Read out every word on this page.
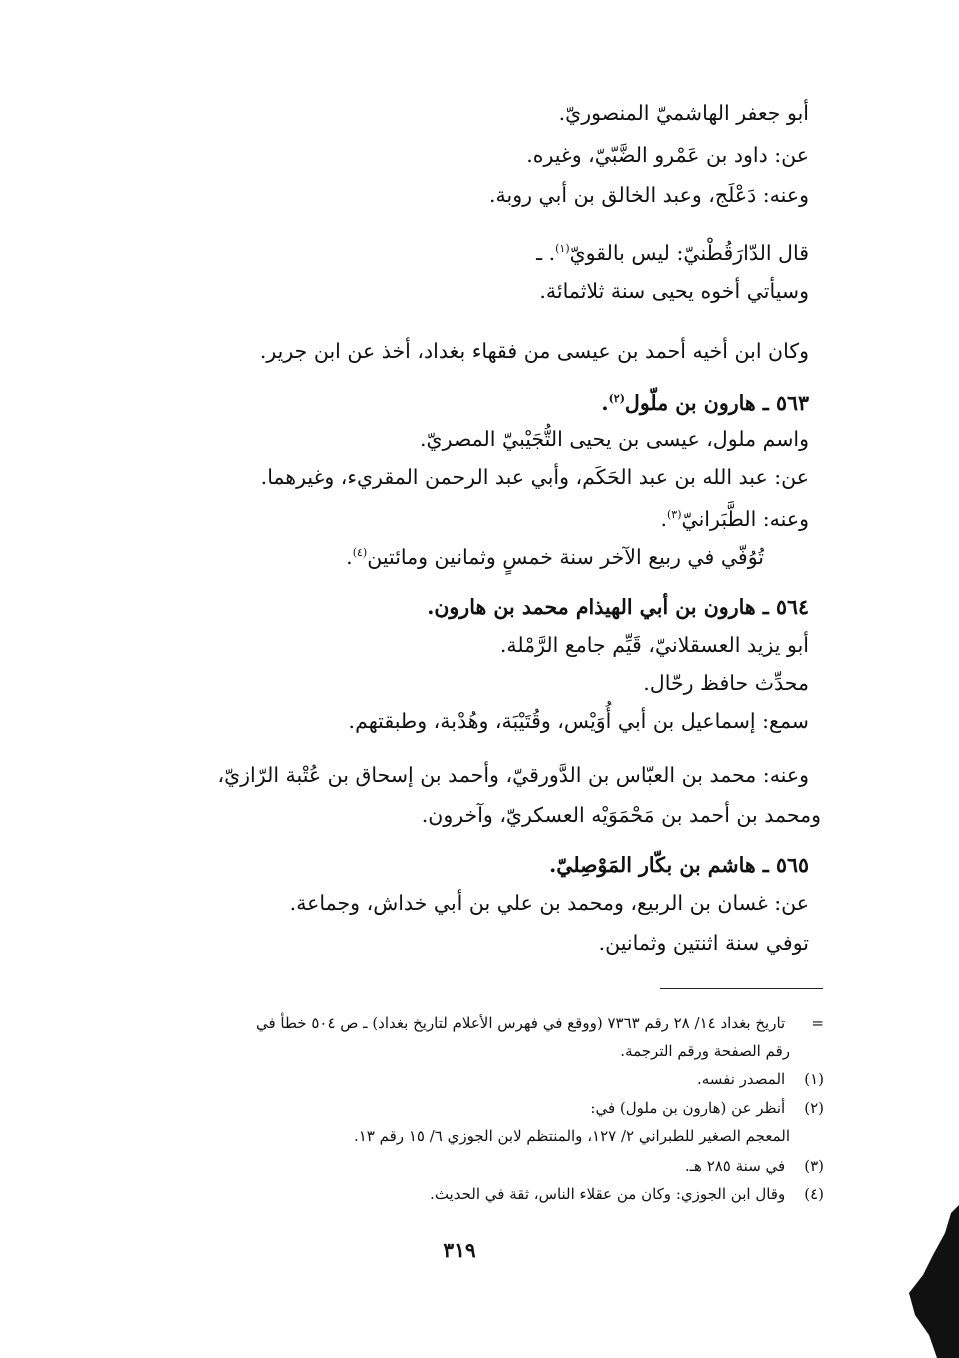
أبو جعفر الهاشميّ المنصوريّ.
عن: داود بن عَمْرو الضَّبّيّ، وغيره.
وعنه: دَعْلَج، وعبد الخالق بن أبي روبة.
قال الدّارَقُطْنيّ: ليس بالقويّ$^{(١)}$. ـ
وسيأتي أخوه يحيى سنة ثلاثمائة.
وكان ابن أخيه أحمد بن عيسى من فقهاء بغداد، أخذ عن ابن جرير.
٥٦٣ ـ هارون بن ملّول$^{(٢)}$.
واسم ملول، عيسى بن يحيى التُّجَيْبيّ المصريّ.
عن: عبد الله بن عبد الحَكَم، وأبي عبد الرحمن المقريء، وغيرهما.
وعنه: الطَّبَرانيّ$^{(٣)}$.
تُوُفّي في ربيع الآخر سنة خمسٍ وثمانين ومائتين$^{(٤)}$.
٥٦٤ ـ هارون بن أبي الهيذام محمد بن هارون.
أبو يزيد العسقلانيّ، قَيِّم جامع الرَّمْلة.
محدِّث حافظ رحّال.
سمع: إسماعيل بن أبي أُوَيْس، وقُتَيْبَة، وهُدْبة، وطبقتهم.
وعنه: محمد بن العبّاس بن الدَّورقيّ، وأحمد بن إسحاق بن عُتْبة الرّازيّ،
ومحمد بن أحمد بن مَحْمَوَيْه العسكريّ، وآخرون.
٥٦٥ ـ هاشم بن بكّار المَوْصِليّ.
عن: غسان بن الربيع، ومحمد بن علي بن أبي خداش، وجماعة.
توفي سنة اثنتين وثمانين.
= تاريخ بغداد ١٤/ ٢٨ رقم ٧٣٦٣ (ووقع في فهرس الأعلام لتاريخ بغداد) ـ ص ٥٠٤ خطأ في
رقم الصفحة ورقم الترجمة.
(١) المصدر نفسه.
(٢) أنظر عن (هارون بن ملول) في:
المعجم الصغير للطبراني ٢/ ١٢٧، والمنتظم لابن الجوزي ٦/ ١٥ رقم ١٣.
(٣) في سنة ٢٨٥ هـ.
(٤) وقال ابن الجوزي: وكان من عقلاء الناس، ثقة في الحديث.
٣١٩
